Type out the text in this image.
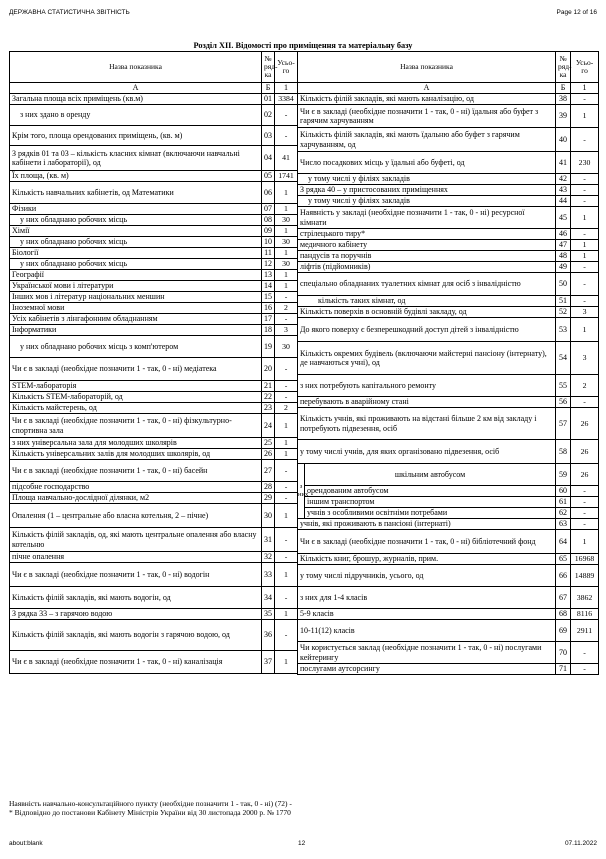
ДЕРЖАВНА СТАТИСТИЧНА ЗВІТНІСТЬ	Page 12 of 16
Розділ ХІІ. Відомості про приміщення та матеріальну базу
Назва показника	№ ряд-ка	Усьо-го
А	Б	1
Загальна площа всіх приміщень (кв.м)	01	3384
з них здано в оренду	02	-
Крім того, площа орендованих приміщень, (кв. м)	03	-
З рядків 01 та 03 – кількість класних кімнат (включаючи навчальні кабінети і лабораторії), од	04	41
Їх площа, (кв. м)	05	1741
Кількість навчальних кабінетів, од Математики	06	1
Фізики	07	1
у них обладнано робочих місць	08	30
Хімії	09	1
у них обладнано робочих місць	10	30
Біології	11	1
у них обладнано робочих місць	12	30
Географії	13	1
Української мови і літератури	14	1
Інших мов і літератур національних меншин	15	-
Іноземної мови	16	2
Усіх кабінетів з лінгафонним обладнанням	17	-
Інформатики	18	3
у них обладнано робочих місць з комп'ютером	19	30
Чи є в закладі (необхідне позначити 1 - так, 0 - ні) медіатека	20	-
STEM-лабораторія	21	-
Кількість STEM-лабораторій, од	22	-
Кількість майстерень, од	23	2
Чи є в закладі (необхідне позначити 1 - так, 0 - ні) фізкультурно-спортивна зала	24	1
з них універсальна зала для молодших школярів	25	1
Кількість універсальних залів для молодших школярів, од	26	1
Чи є в закладі (необхідне позначити 1 - так, 0 - ні) басейн	27	-
підсобне господарство	28	-
Площа навчально-дослідної ділянки, м2	29	-
Опалення (1 – центральне або власна котельня, 2 – пічне)	30	1
Кількість філій закладів, од, які мають центральне опалення або власну котельню	31	-
пічне опалення	32	-
Чи є в закладі (необхідне позначити 1 - так, 0 - ні) водогін	33	1
Кількість філій закладів, які мають водогін, од	34	-
З рядка 33 – з гарячою водою	35	1
Кількість філій закладів, які мають водогін з гарячою водою, од	36	-
Чи є в закладі (необхідне позначити 1 - так, 0 - ні) каналізація	37	1
Назва показника		№ ряд-ка	Усьо-го
А		Б	1
Кількість філій закладів, які мають каналізацію, од		38	-
Чи є в закладі (необхідне позначити 1 - так, 0 - ні) їдальня або буфет з гарячим харчуванням		39	1
Кількість філій закладів, які мають їдальню або буфет з гарячим харчуванням, од		40	-
Число посадкових місць у їдальні або буфеті, од		41	230
у тому числі у філіях закладів		42	-
З рядка 40 – у пристосованих приміщеннях		43	-
у тому числі у філіях закладів		44	-
Наявність у закладі (необхідне позначити 1 - так, 0 - ні) ресурсної кімнати		45	1
стрілецького тиру*		46	-
медичного кабінету		47	1
пандусів та поручнів		48	1
ліфтів (підйомників)		49	-
спеціально обладнаних туалетних кімнат для осіб з інвалідністю		50	-
кількість таких кімнат, од		51	-
Кількість поверхів в основній будівлі закладу, од		52	3
До якого поверху є безперешкодний доступ дітей з інвалідністю		53	1
Кількість окремих будівель (включаючи майстерні пансіону (інтернату), де навчаються учні), од		54	3
з них потребують капітального ремонту		55	2
перебувають в аварійному стані		56	-
Кількість учнів, які проживають на відстані більше 2 км від закладу і потребують підвезення, осіб		57	26
у тому числі учнів, для яких організовано підвезення, осіб		58	26
з них	шкільним автобусом	59	26
	орендованим автобусом	60	-
	іншим транспортом	61	-
	учнів з особливими освітніми потребами	62	-
учнів, які проживають в пансіоні (інтернаті)		63	-
Чи є в закладі (необхідне позначити 1 - так, 0 - ні) бібліотечний фонд		64	1
Кількість книг, брошур, журналів, прим.		65	16968
у тому числі підручників, усього, од		66	14889
з них для 1-4 класів		67	3862
5-9 класів		68	8116
10-11(12) класів		69	2911
Чи користується заклад (необхідне позначити 1 - так, 0 - ні) послугами кейтерингу		70	-
послугами аутсорсингу		71	-
Наявність навчально-консультаційного пункту (необхідне позначити 1 - так, 0 - ні) (72) -
* Відповідно до постанови Кабінету Міністрів України від 30 листопада 2000 р. № 1770
about:blank	12	07.11.2022
